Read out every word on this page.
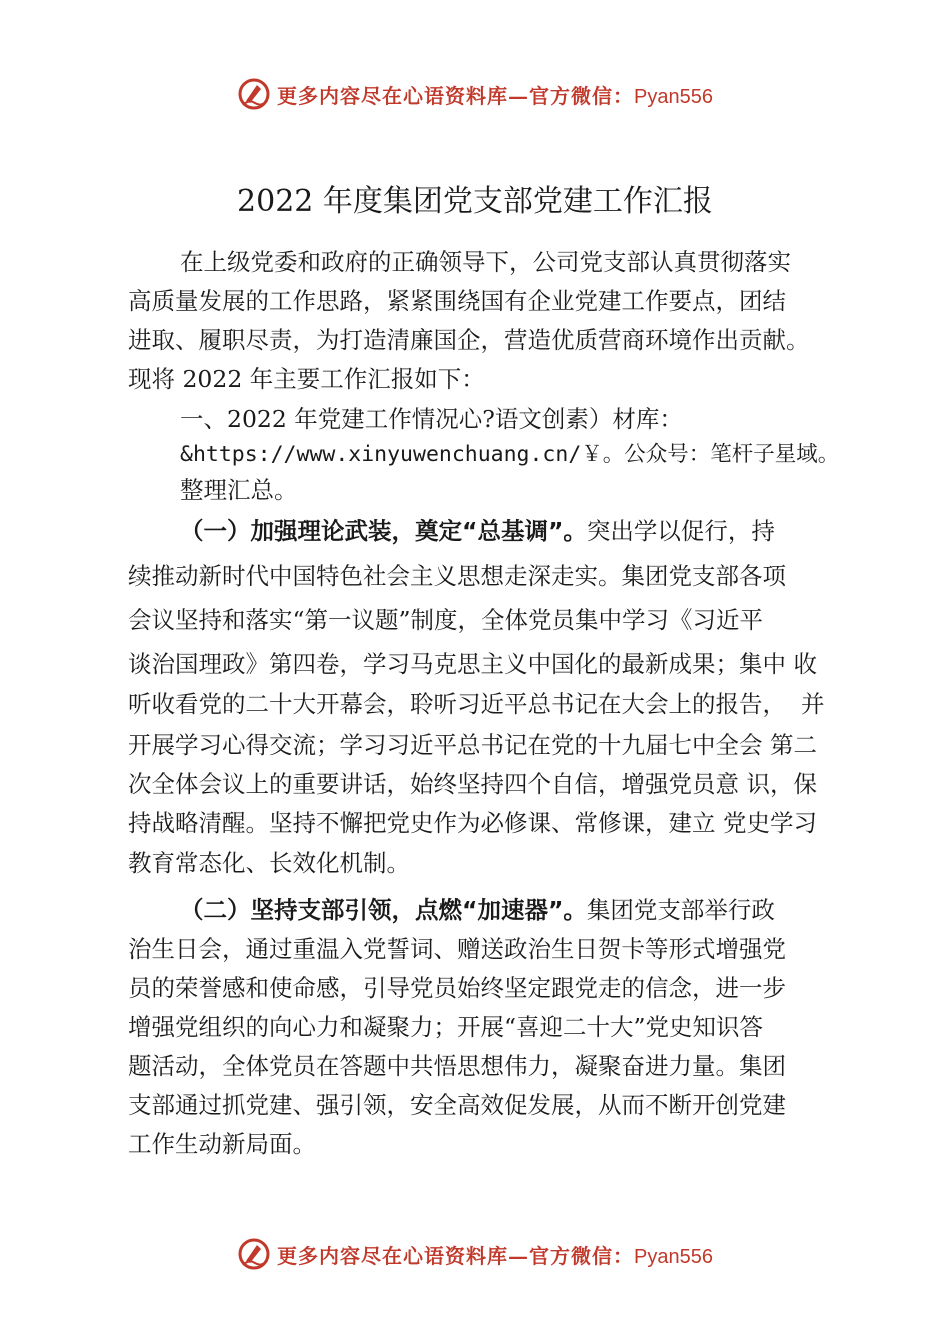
更多内容尽在心语资料库—官方微信：Pyan556
2022 年度集团党支部党建工作汇报
在上级党委和政府的正确领导下，公司党支部认真贯彻落实
高质量发展的工作思路，紧紧围绕国有企业党建工作要点，团结
进取、履职尽责，为打造清廉国企，营造优质营商环境作出贡献。
现将 2022 年主要工作汇报如下：
一、2022 年党建工作情况心?语文创素）材库：
&https://www.xinyuwenchuang.cn/￥。公众号：笔杆子星域。
整理汇总。
（一）加强理论武装，奠定“总基调”。突出学以促行，持
续推动新时代中国特色社会主义思想走深走实。集团党支部各项
会议坚持和落实“第一议题”制度，全体党员集中学习《习近平
谈治国理政》第四卷，学习马克思主义中国化的最新成果；集中 收
听收看党的二十大开幕会，聆听习近平总书记在大会上的报告，  并
开展学习心得交流；学习习近平总书记在党的十九届七中全会 第二
次全体会议上的重要讲话，始终坚持四个自信，增强党员意 识，保
持战略清醒。坚持不懈把党史作为必修课、常修课，建立 党史学习
教育常态化、长效化机制。
（二）坚持支部引领，点燃“加速器”。集团党支部举行政
治生日会，通过重温入党誓词、赠送政治生日贺卡等形式增强党
员的荣誉感和使命感，引导党员始终坚定跟党走的信念，进一步
增强党组织的向心力和凝聚力；开展“喜迎二十大”党史知识答
题活动，全体党员在答题中共悟思想伟力，凝聚奋进力量。集团
支部通过抓党建、强引领，安全高效促发展，从而不断开创党建
工作生动新局面。
更多内容尽在心语资料库—官方微信：Pyan556
